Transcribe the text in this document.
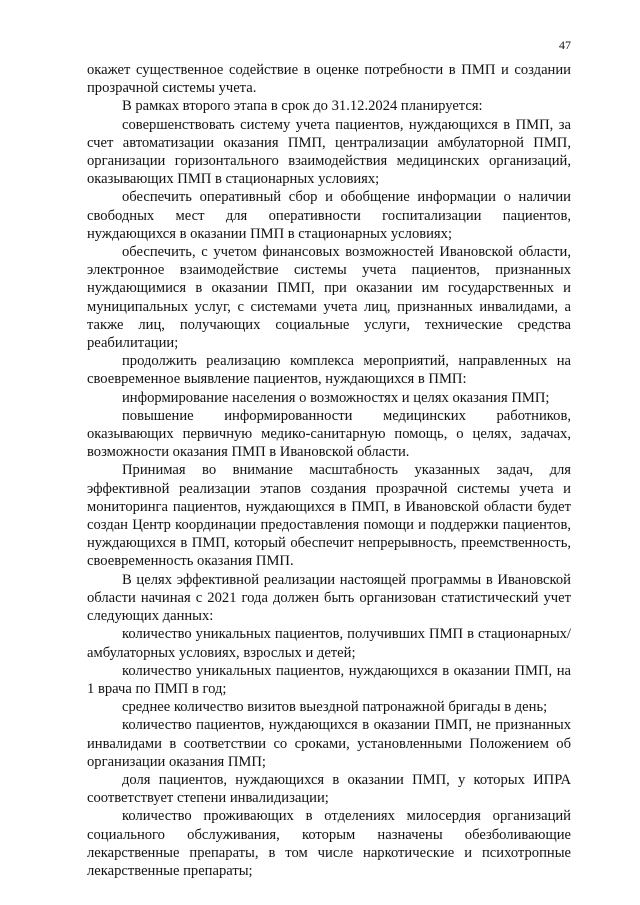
47

окажет существенное содействие в оценке потребности в ПМП и создании прозрачной системы учета.

В рамках второго этапа в срок до 31.12.2024 планируется:

совершенствовать систему учета пациентов, нуждающихся в ПМП, за счет автоматизации оказания ПМП, централизации амбулаторной ПМП, организации горизонтального взаимодействия медицинских организаций, оказывающих ПМП в стационарных условиях;

обеспечить оперативный сбор и обобщение информации о наличии свободных мест для оперативности госпитализации пациентов, нуждающихся в оказании ПМП в стационарных условиях;

обеспечить, с учетом финансовых возможностей Ивановской области, электронное взаимодействие системы учета пациентов, признанных нуждающимися в оказании ПМП, при оказании им государственных и муниципальных услуг, с системами учета лиц, признанных инвалидами, а также лиц, получающих социальные услуги, технические средства реабилитации;

продолжить реализацию комплекса мероприятий, направленных на своевременное выявление пациентов, нуждающихся в ПМП:

информирование населения о возможностях и целях оказания ПМП;

повышение информированности медицинских работников, оказывающих первичную медико-санитарную помощь, о целях, задачах, возможности оказания ПМП в Ивановской области.

Принимая во внимание масштабность указанных задач, для эффективной реализации этапов создания прозрачной системы учета и мониторинга пациентов, нуждающихся в ПМП, в Ивановской области будет создан Центр координации предоставления помощи и поддержки пациентов, нуждающихся в ПМП, который обеспечит непрерывность, преемственность, своевременность оказания ПМП.

В целях эффективной реализации настоящей программы в Ивановской области начиная с 2021 года должен быть организован статистический учет следующих данных:

количество уникальных пациентов, получивших ПМП в стационарных/амбулаторных условиях, взрослых и детей;

количество уникальных пациентов, нуждающихся в оказании ПМП, на 1 врача по ПМП в год;

среднее количество визитов выездной патронажной бригады в день;

количество пациентов, нуждающихся в оказании ПМП, не признанных инвалидами в соответствии со сроками, установленными Положением об организации оказания ПМП;

доля пациентов, нуждающихся в оказании ПМП, у которых ИПРА соответствует степени инвалидизации;

количество проживающих в отделениях милосердия организаций социального обслуживания, которым назначены обезболивающие лекарственные препараты, в том числе наркотические и психотропные лекарственные препараты;
